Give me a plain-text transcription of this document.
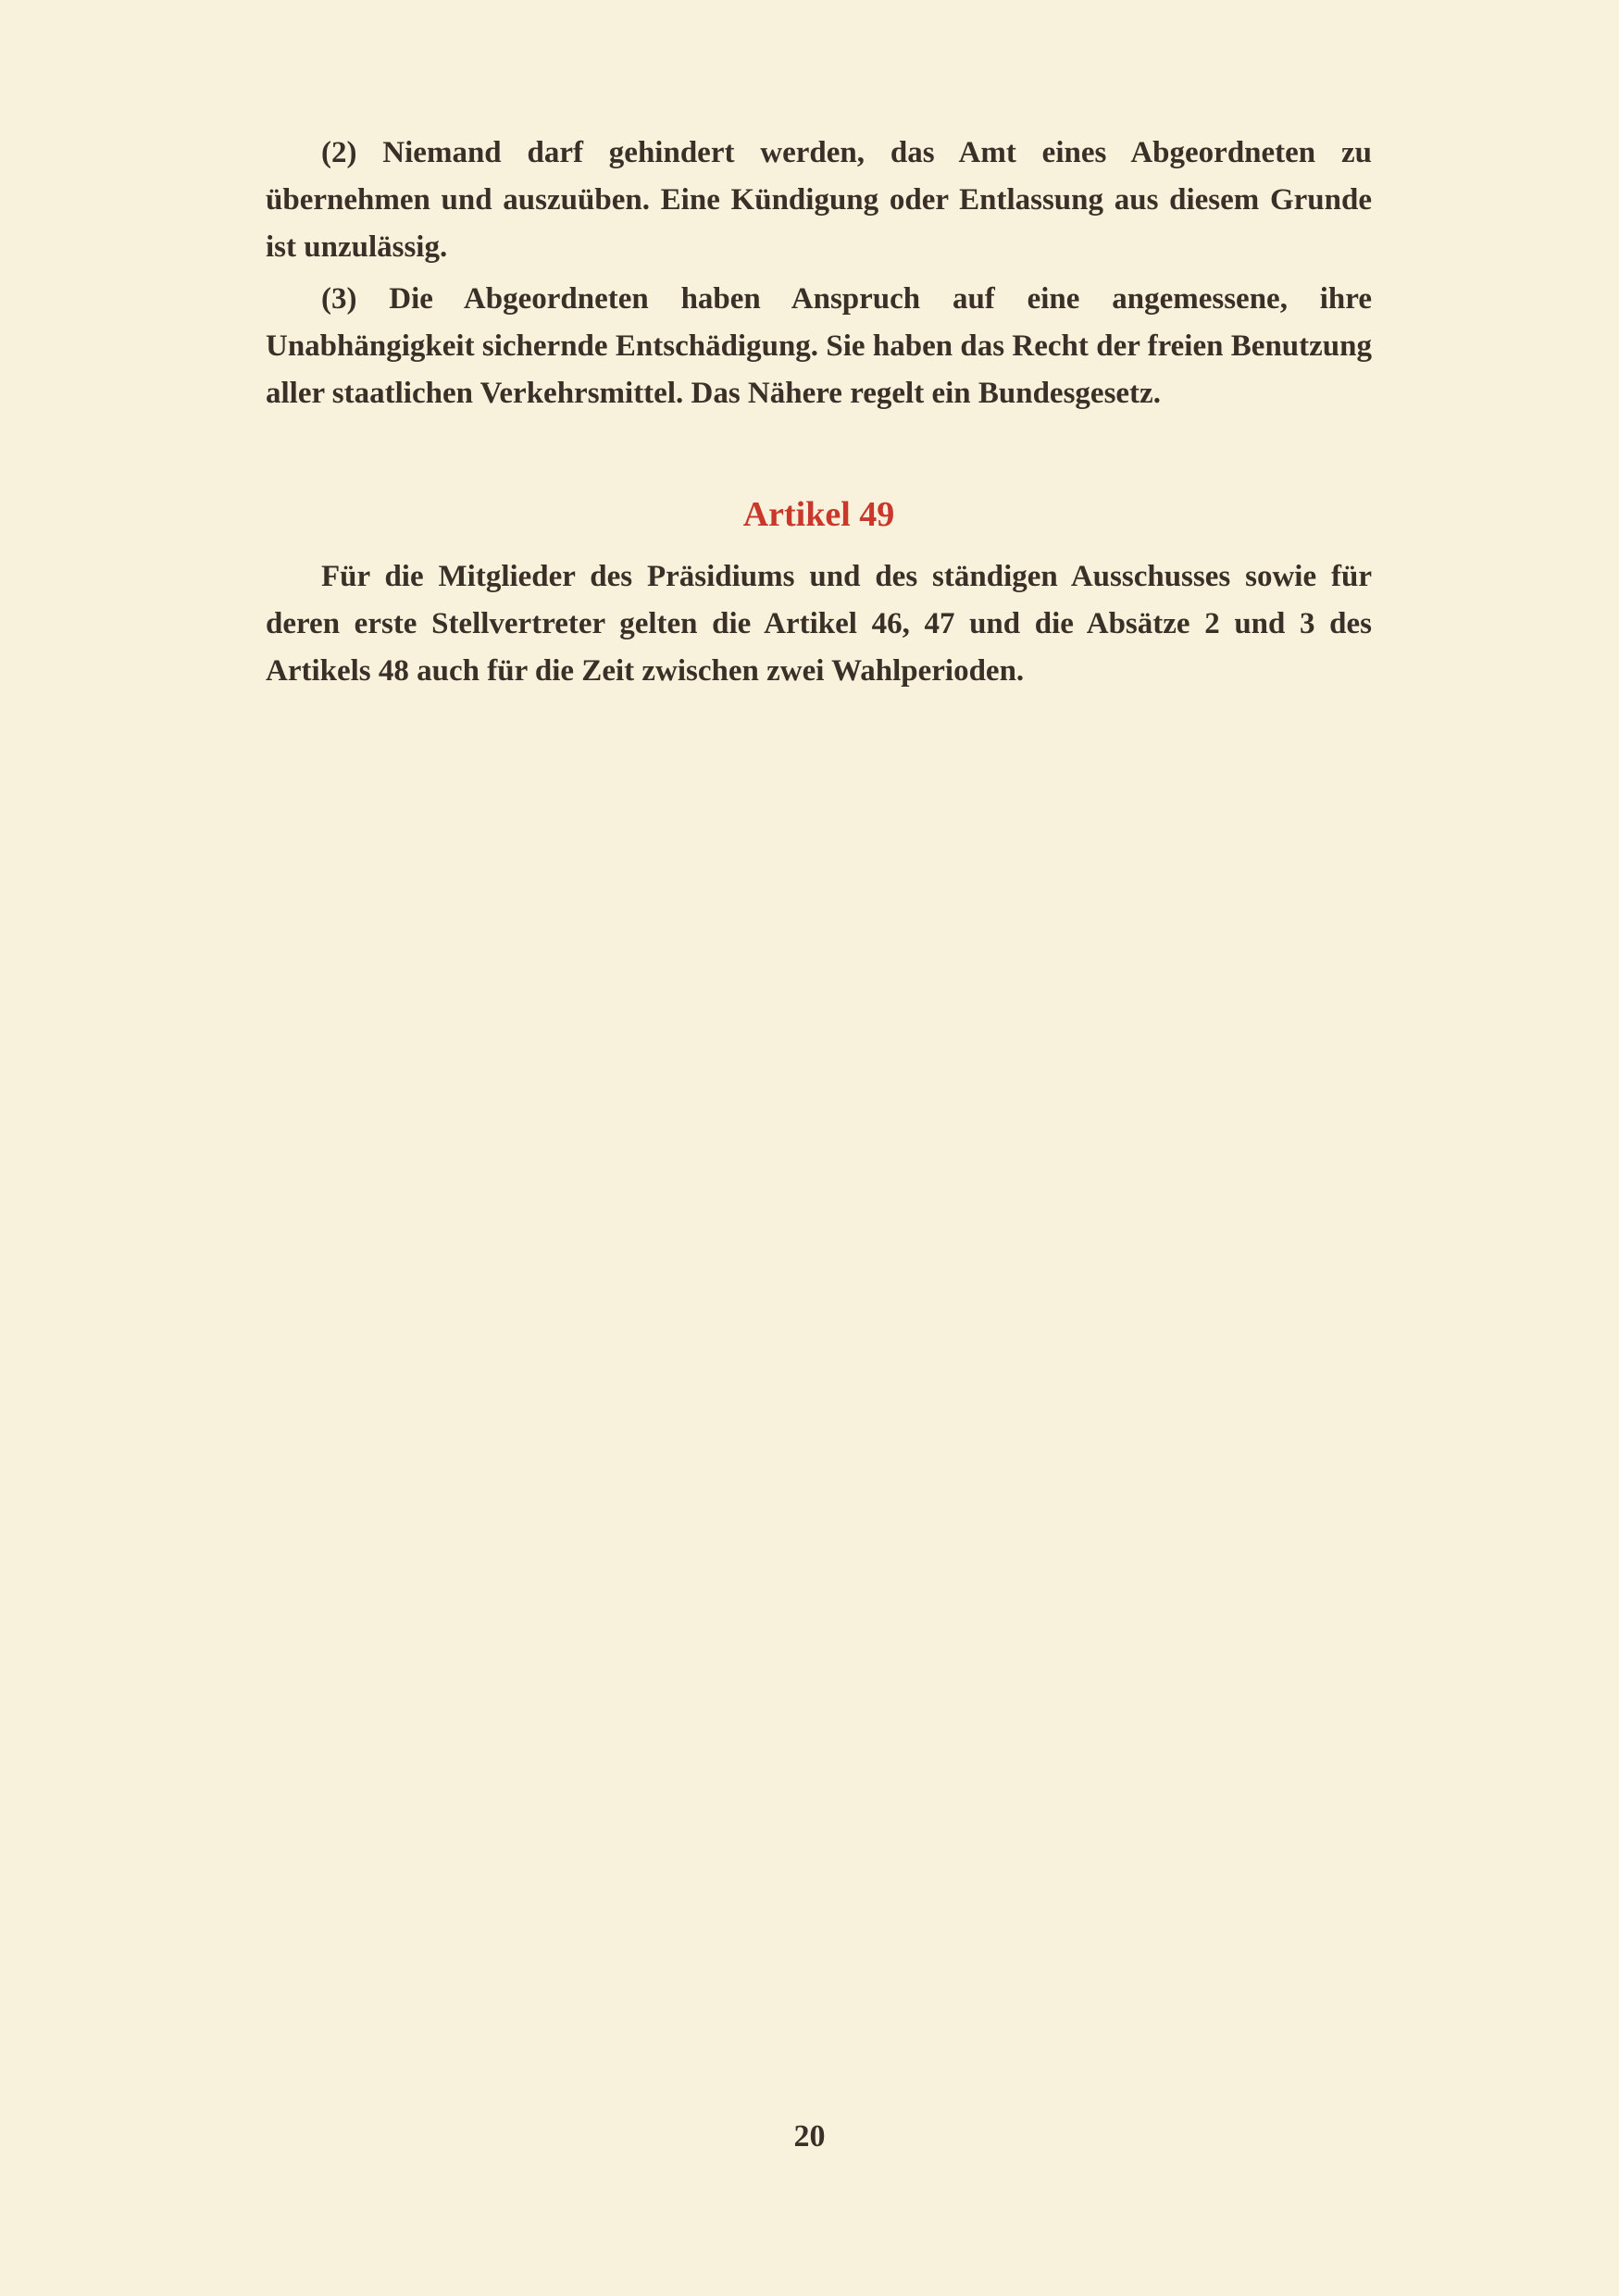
(2) Niemand darf gehindert werden, das Amt eines Abgeordneten zu übernehmen und auszuüben. Eine Kündigung oder Entlassung aus diesem Grunde ist unzulässig.

(3) Die Abgeordneten haben Anspruch auf eine angemessene, ihre Unabhängigkeit sichernde Entschädigung. Sie haben das Recht der freien Benutzung aller staatlichen Verkehrsmittel. Das Nähere regelt ein Bundesgesetz.

Artikel 49

Für die Mitglieder des Präsidiums und des ständigen Ausschusses sowie für deren erste Stellvertreter gelten die Artikel 46, 47 und die Absätze 2 und 3 des Artikels 48 auch für die Zeit zwischen zwei Wahlperioden.

20
